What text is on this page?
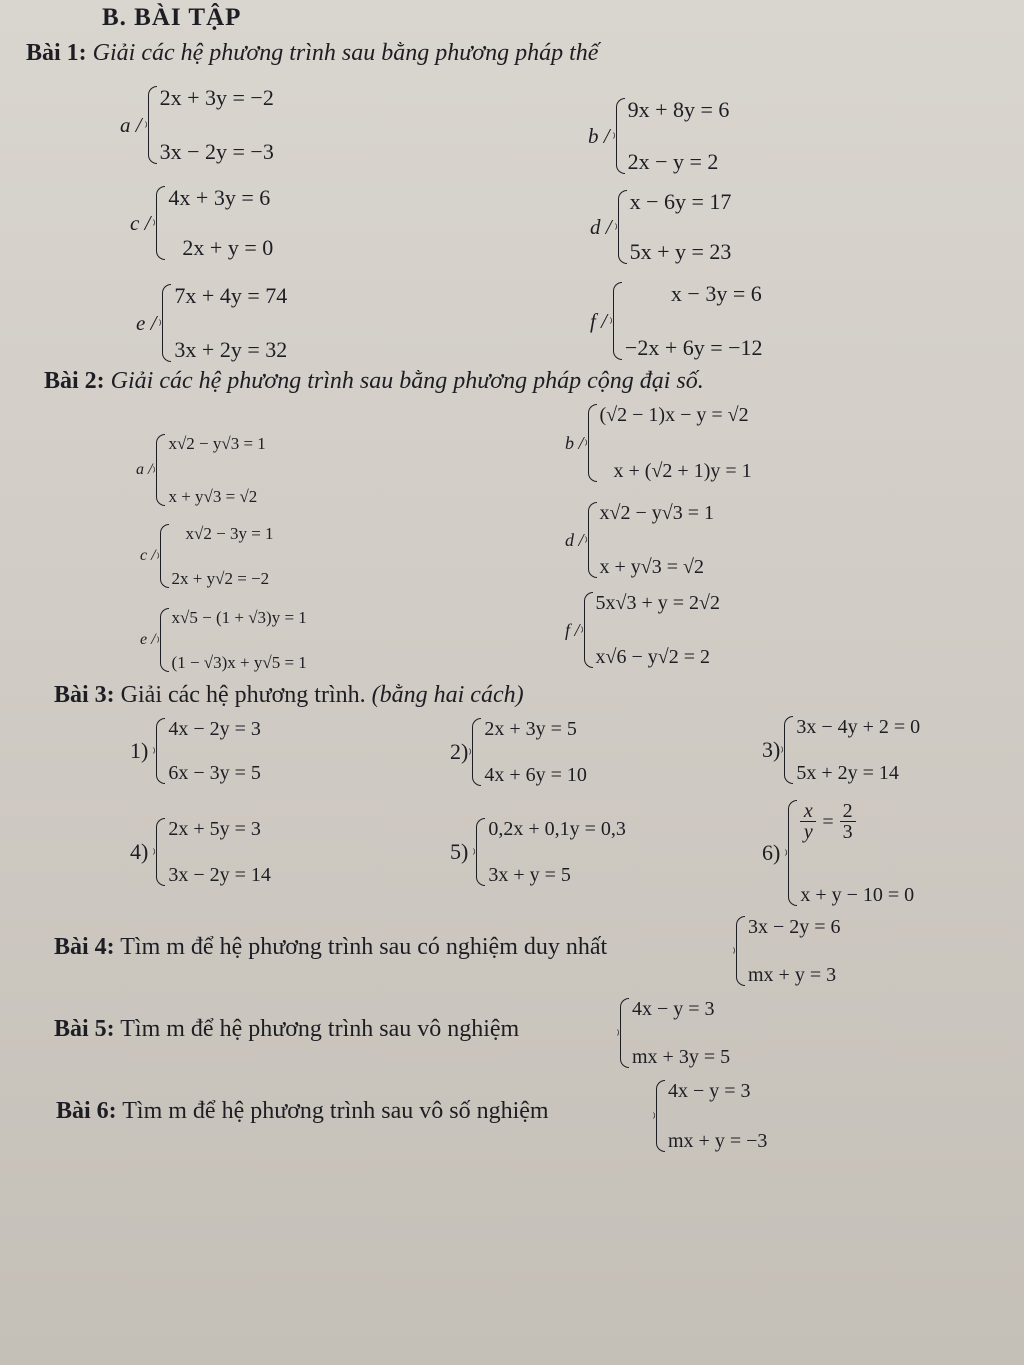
B. BÀI TẬP
Bài 1: Giải các hệ phương trình sau bằng phương pháp thế
a /
2x + 3y = −2
3x − 2y = −3
b /
9x + 8y = 6
2x − y = 2
c /
4x + 3y = 6
2x + y = 0
d /
x − 6y = 17
5x + y = 23
e /
7x + 4y = 74
3x + 2y = 32
f /
x − 3y = 6
−2x + 6y = −12
Bài 2: Giải các hệ phương trình sau bằng phương pháp cộng đại số.
a /
x√2 − y√3 = 1
x + y√3 = √2
b /
(√2 − 1)x − y = √2
x + (√2 + 1)y = 1
c /
x√2 − 3y = 1
2x + y√2 = −2
d /
x√2 − y√3 = 1
x + y√3 = √2
e /
x√5 − (1 + √3)y = 1
(1 − √3)x + y√5 = 1
f /
5x√3 + y = 2√2
x√6 − y√2 = 2
Bài 3: Giải các hệ phương trình. (bằng hai cách)
1)
4x − 2y = 3
6x − 3y = 5
2)
2x + 3y = 5
4x + 6y = 10
3)
3x − 4y + 2 = 0
5x + 2y = 14
4)
2x + 5y = 3
3x − 2y = 14
5)
0,2x + 0,1y = 0,3
3x + y = 5
6)
x
y = 2
3
x + y − 10 = 0
Bài 4: Tìm m để hệ phương trình sau có nghiệm duy nhất
3x − 2y = 6
mx + y = 3
Bài 5: Tìm m để hệ phương trình sau vô nghiệm
4x − y = 3
mx + 3y = 5
Bài 6: Tìm m để hệ phương trình sau vô số nghiệm
4x − y = 3
mx + y = −3
